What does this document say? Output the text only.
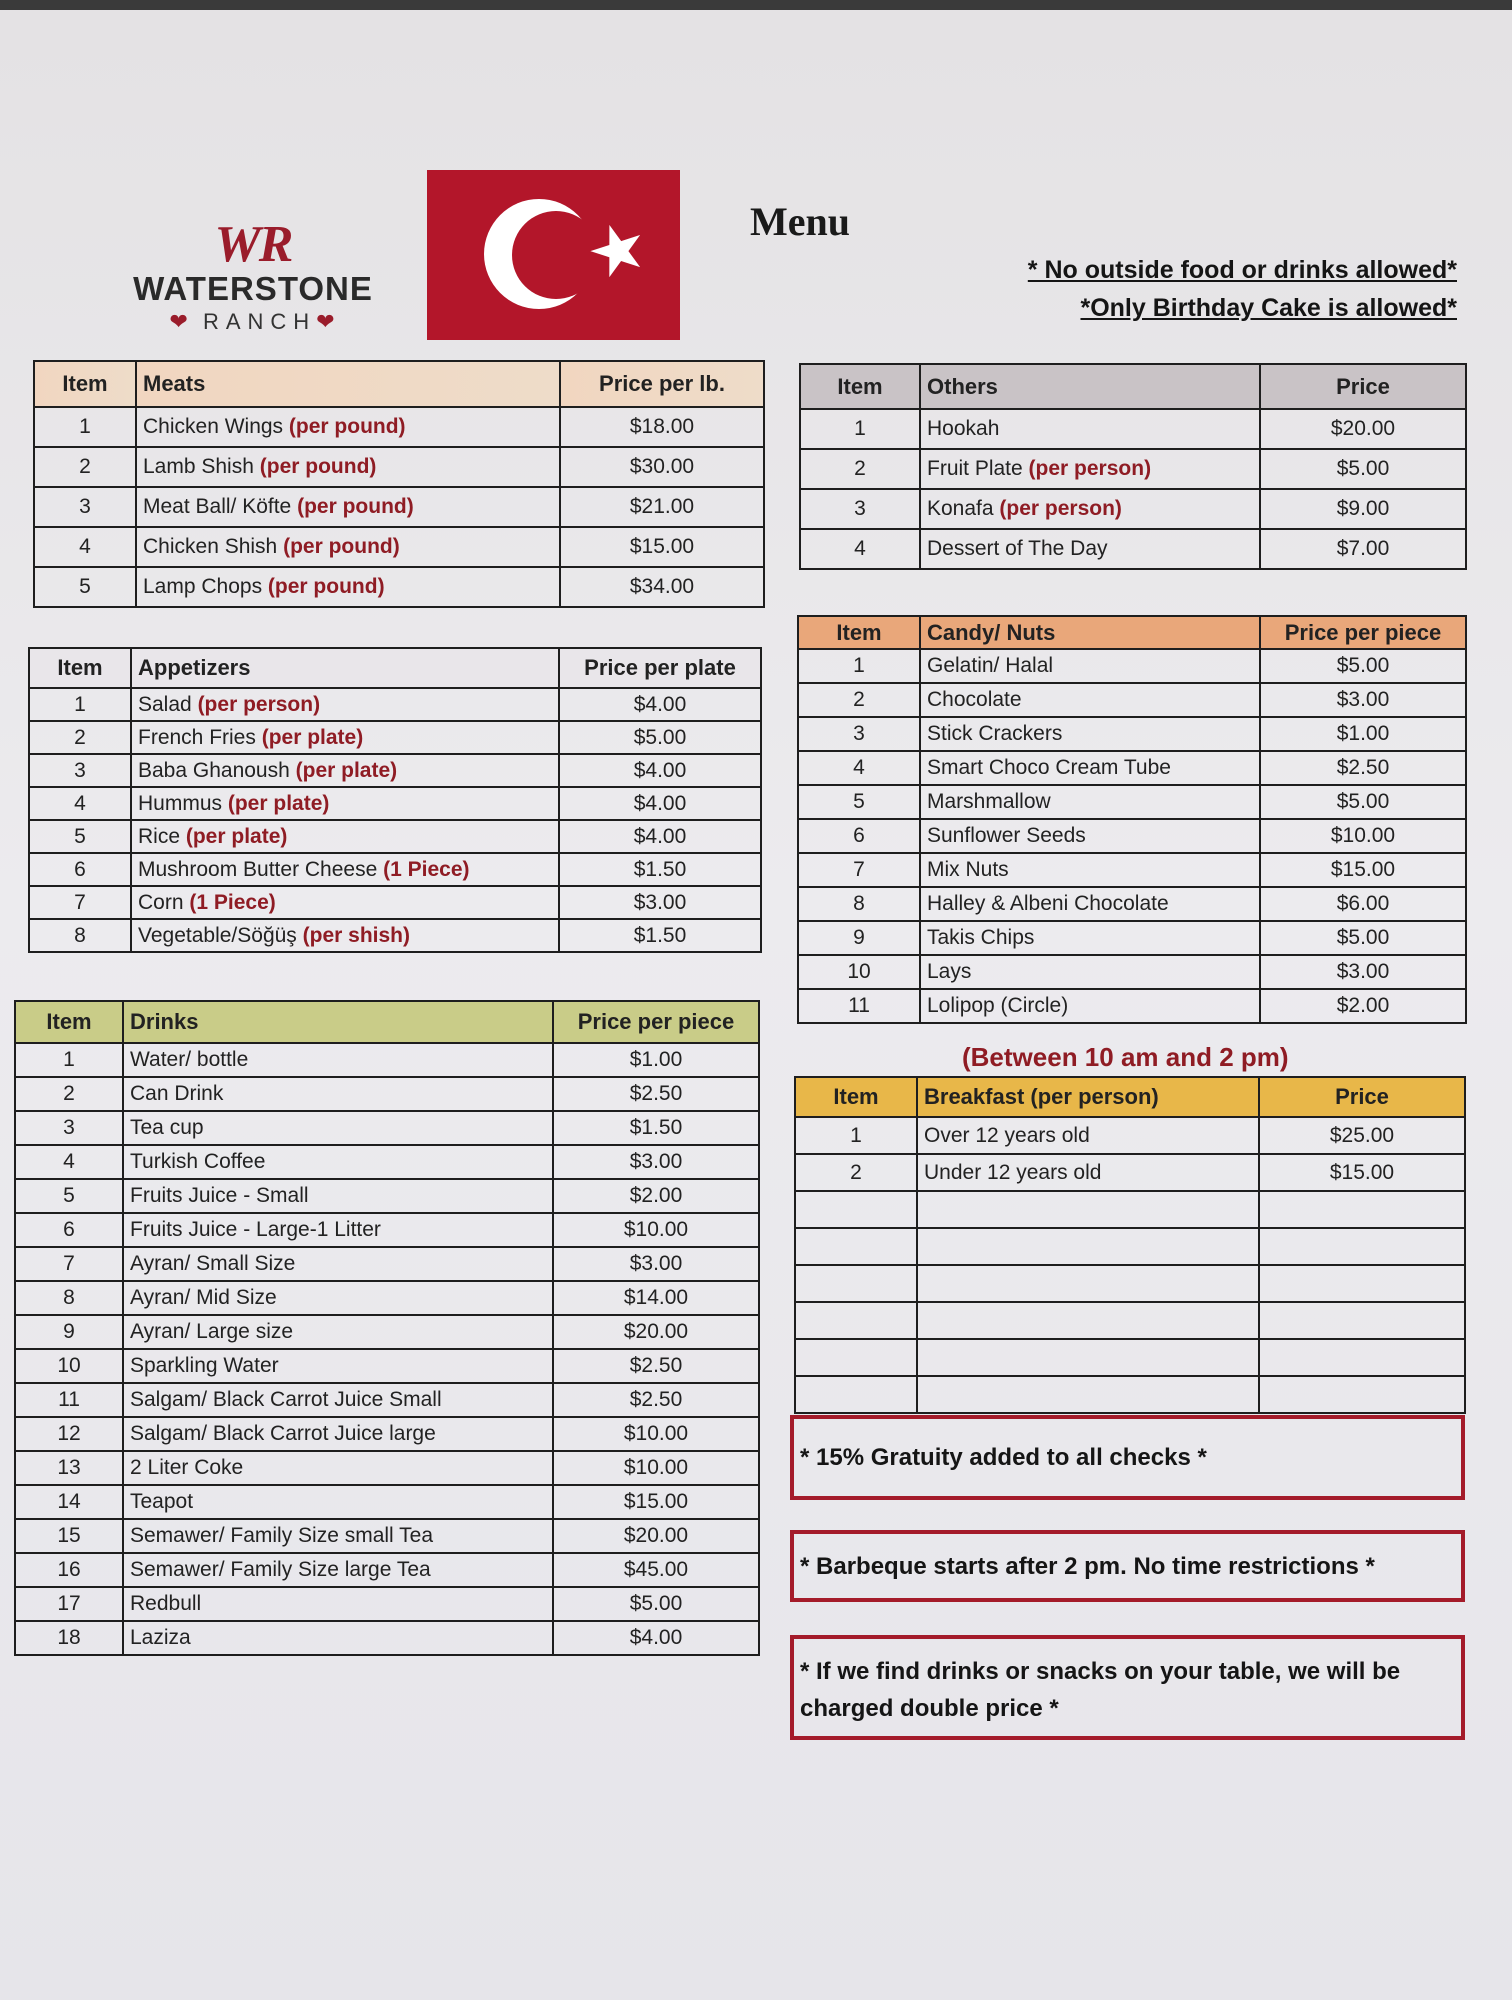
WR
WATERSTONE
❤ RANCH❤
★ Menu
* No outside food or drinks allowed*
*Only Birthday Cake is allowed*
Item	Meats	Price per lb.
1	Chicken Wings (per pound)	$18.00
2	Lamb Shish (per pound)	$30.00
3	Meat Ball/ Köfte (per pound)	$21.00
4	Chicken Shish (per pound)	$15.00
5	Lamp Chops (per pound)	$34.00
Item	Others	Price
1	Hookah	$20.00
2	Fruit Plate (per person)	$5.00
3	Konafa (per person)	$9.00
4	Dessert of The Day	$7.00
Item	Appetizers	Price per plate
1	Salad (per person)	$4.00
2	French Fries (per plate)	$5.00
3	Baba Ghanoush (per plate)	$4.00
4	Hummus (per plate)	$4.00
5	Rice (per plate)	$4.00
6	Mushroom Butter Cheese (1 Piece)	$1.50
7	Corn (1 Piece)	$3.00
8	Vegetable/Söğüş (per shish)	$1.50
Item	Candy/ Nuts	Price per piece
1	Gelatin/ Halal	$5.00
2	Chocolate	$3.00
3	Stick Crackers	$1.00
4	Smart Choco Cream Tube	$2.50
5	Marshmallow	$5.00
6	Sunflower Seeds	$10.00
7	Mix Nuts	$15.00
8	Halley & Albeni Chocolate	$6.00
9	Takis Chips	$5.00
10	Lays	$3.00
11	Lolipop (Circle)	$2.00
Item	Drinks	Price per piece
1	Water/ bottle	$1.00
2	Can Drink	$2.50
3	Tea cup	$1.50
4	Turkish Coffee	$3.00
5	Fruits Juice - Small	$2.00
6	Fruits Juice - Large-1 Litter	$10.00
7	Ayran/ Small Size	$3.00
8	Ayran/ Mid Size	$14.00
9	Ayran/ Large size	$20.00
10	Sparkling Water	$2.50
11	Salgam/ Black Carrot Juice Small	$2.50
12	Salgam/ Black Carrot Juice large	$10.00
13	2 Liter Coke	$10.00
14	Teapot	$15.00
15	Semawer/ Family Size small Tea	$20.00
16	Semawer/ Family Size large Tea	$45.00
17	Redbull	$5.00
18	Laziza	$4.00
(Between 10 am and 2 pm)
Item	Breakfast (per person)	Price
1	Over 12 years old	$25.00
2	Under 12 years old	$15.00

* 15% Gratuity added to all checks *
* Barbeque starts after 2 pm. No time restrictions *
* If we find drinks or snacks on your table, we will be charged double price *
